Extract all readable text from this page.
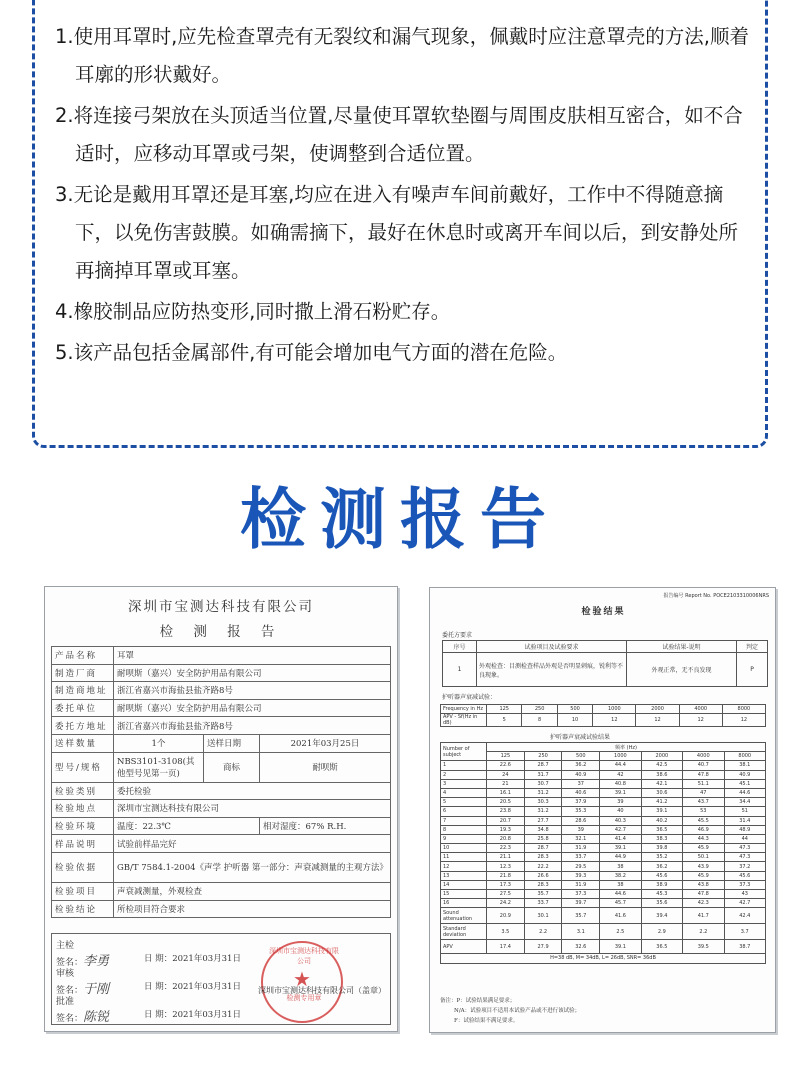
1.使用耳罩时,应先检查罩壳有无裂纹和漏气现象，佩戴时应注意罩壳的方法,顺着耳廓的形状戴好。
2.将连接弓架放在头顶适当位置,尽量使耳罩软垫圈与周围皮肤相互密合，如不合适时，应移动耳罩或弓架，使调整到合适位置。
3.无论是戴用耳罩还是耳塞,均应在进入有噪声车间前戴好，工作中不得随意摘下，以免伤害鼓膜。如确需摘下，最好在休息时或离开车间以后，到安静处所再摘掉耳罩或耳塞。
4.橡胶制品应防热变形,同时撒上滑石粉贮存。
5.该产品包括金属部件,有可能会增加电气方面的潜在危险。
检测报告
深圳市宝测达科技有限公司
检 测 报 告
产品名称	耳罩		
制造厂商	耐呗斯（嘉兴）安全防护用品有限公司		
制造商地址	浙江省嘉兴市海盐县盐齐路8号		
委托单位	耐呗斯（嘉兴）安全防护用品有限公司		
委托方地址	浙江省嘉兴市海盐县盐齐路8号		
送样数量	1个	送样日期	2021年03月25日
型号/规格	NBS3101-3108(其他型号见第一页)	商标	耐呗斯
检验类别	委托检验		
检验地点	深圳市宝测达科技有限公司		
检验环境	温度：22.3℃		相对湿度：67% R.H.
样品说明	试验前样品完好		
检验依据	GB/T 7584.1-2004《声学 护听器 第一部分：声衰减测量的主观方法》		
检验项目	声衰减测量，外观检查		
检验结论	所检项目符合要求		
主检
签名：李勇	日 期：2021年03月31日
审核
签名：于刚	日 期：2021年03月31日
批准
签名：陈锐	日 期：2021年03月31日
深圳市宝测达科技有限公司
★
检测专用章
深圳市宝测达科技有限公司（盖章）
报告编号 Report No. POCE2103310006NRS
检验结果
委托方要求
序号	试验项目及试验要求	试验结果-说明	判定
1	外观检查：目测检查样品外观是否明显刺痕，锐利等不良现象。	外观正常，无不良发现	P
护听器声衰减试验：
Frequency in Hz	125	250	500	1000	2000	4000	8000
APV - Sf(Hz in dB)	5	8	10	12	12	12	12
护听器声衰减试验结果
Number of subject	频率 (Hz)						
	125	250	500	1000	2000	4000	8000
1	22.6	28.7	36.2	44.4	42.5	40.7	38.1
2	24	31.7	40.9	42	38.6	47.8	40.9
3	21	30.7	37	40.8	42.1	51.1	45.1
4	16.1	31.2	40.6	39.1	30.6	47	44.6
5	20.5	30.3	37.9	39	41.2	43.7	34.4
6	23.8	31.2	35.3	40	39.1	53	51
7	20.7	27.7	28.6	40.3	40.2	45.5	31.4
8	19.3	34.8	39	42.7	36.5	46.9	48.9
9	20.8	25.8	32.1	41.4	38.3	44.3	44
10	22.3	28.7	31.9	39.1	39.8	45.9	47.3
11	21.1	28.3	33.7	44.9	35.2	50.1	47.3
12	12.3	22.2	29.5	38	36.2	43.9	37.2
13	21.8	26.6	39.3	38.2	45.6	45.9	45.6
14	17.3	28.3	31.9	38	38.9	43.8	37.3
15	27.5	35.7	37.3	44.6	45.3	47.8	43
16	24.2	33.7	39.7	45.7	35.6	42.3	42.7
Sound attenuation	20.9	30.1	35.7	41.6	39.4	41.7	42.4
Standard deviation	3.5	2.2	3.1	2.5	2.9	2.2	3.7
APV	17.4	27.9	32.6	39.1	36.5	39.5	38.7
H=38 dB, M= 34dB, L= 26dB, SNR= 36dB							
备注：P：试验结果满足要求；
N/A：试验项目不适用本试验产品或不进行该试验；
F：试验结果不满足要求。
